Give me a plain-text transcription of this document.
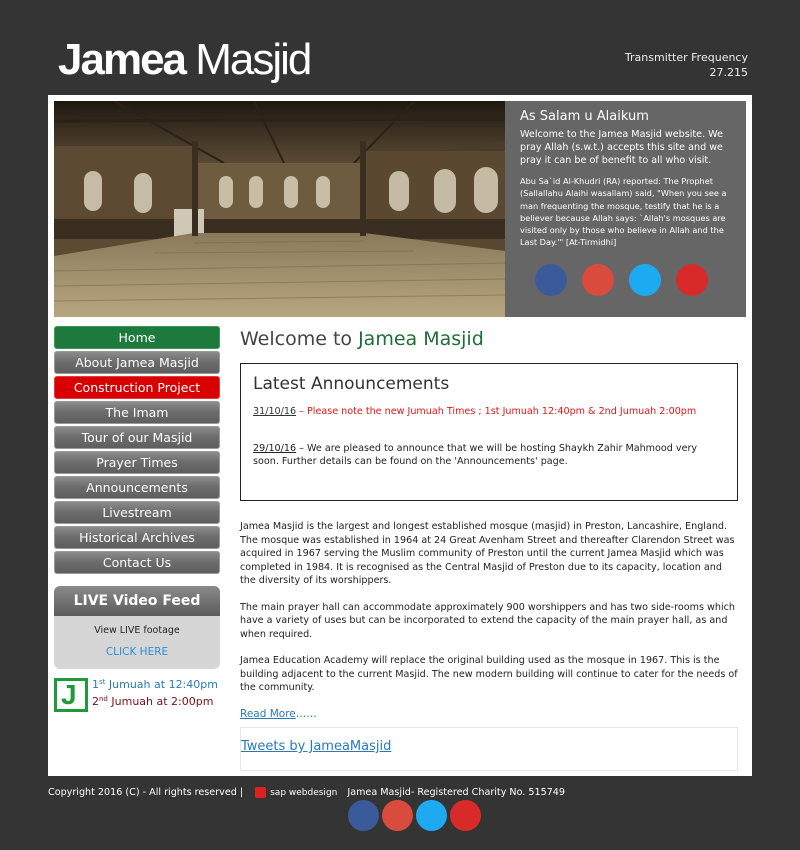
Jamea Masjid	Transmitter Frequency
27.215
As Salam u Alaikum

Welcome to the Jamea Masjid website. We pray Allah (s.w.t.) accepts this site and we pray it can be of benefit to all who visit.

Abu Sa`id Al-Khudri (RA) reported: The Prophet (Sallallahu Alaihi wasallam) said, "When you see a man frequenting the mosque, testify that he is a believer because Allah says: `Allah's mosques are visited only by those who believe in Allah and the Last Day.'" [At-Tirmidhi]

Home
About Jamea Masjid
Construction Project
The Imam
Tour of our Masjid
Prayer Times
Announcements
Livestream
Historical Archives
Contact Us
LIVE Video Feed
View LIVE footage
CLICK HERE
J
1st Jumuah at 12:40pm
2nd Jumuah at 2:00pm
Welcome to Jamea Masjid
Latest Announcements

31/10/16 – Please note the new Jumuah Times ; 1st Jumuah 12:40pm & 2nd Jumuah 2:00pm

29/10/16 – We are pleased to announce that we will be hosting Shaykh Zahir Mahmood very soon. Further details can be found on the 'Announcements' page.

Jamea Masjid is the largest and longest established mosque (masjid) in Preston, Lancashire, England. The mosque was established in 1964 at 24 Great Avenham Street and thereafter Clarendon Street was acquired in 1967 serving the Muslim community of Preston until the current Jamea Masjid which was completed in 1984. It is recognised as the Central Masjid of Preston due to its capacity, location and the diversity of its worshippers.

The main prayer hall can accommodate approximately 900 worshippers and has two side-rooms which have a variety of uses but can be incorporated to extend the capacity of the main prayer hall, as and when required.

Jamea Education Academy will replace the original building used as the mosque in 1967. This is the building adjacent to the current Masjid. The new modern building will continue to cater for the needs of the community.

Read More……
Tweets by JameaMasjid
Copyright 2016 (C) - All rights reserved |	sap webdesign Jamea Masjid- Registered Charity No. 515749
